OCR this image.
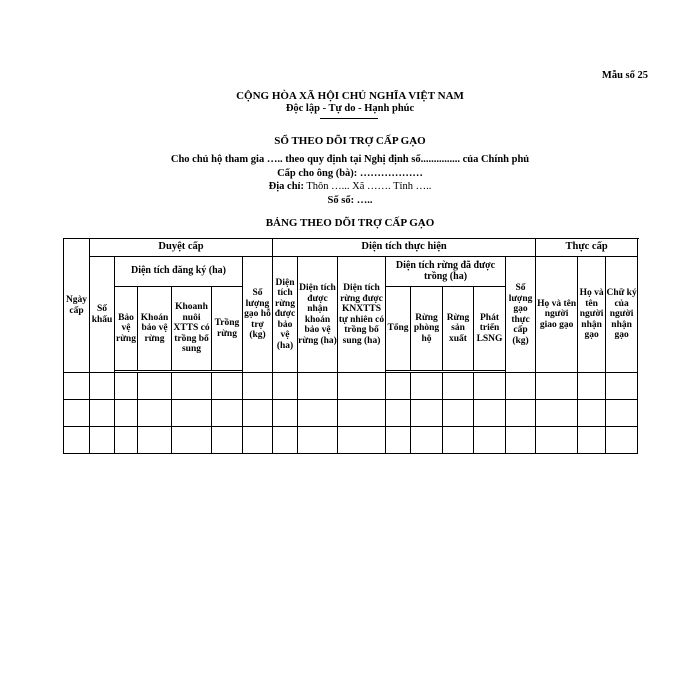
Mẫu số 25
CỘNG HÒA XÃ HỘI CHỦ NGHĨA VIỆT NAM
Độc lập - Tự do - Hạnh phúc
SỔ THEO DÕI TRỢ CẤP GẠO
Cho chủ hộ tham gia ….. theo quy định tại Nghị định số............... của Chính phủ
Cấp cho ông (bà): ………………
Địa chỉ: Thôn …... Xã ……. Tỉnh …..
Số sổ: …..
BẢNG THEO DÕI TRỢ CẤP GẠO
Ngày cấp	Duyệt cấp						Diện tích thực hiện								Thực cấp		
	Số khẩu	Diện tích đăng ký (ha)				Số lượng gạo hỗ trợ (kg)	Diện tích rừng được bảo vệ (ha)	Diện tích được nhận khoán bảo vệ rừng (ha)	Diện tích rừng được KNXTTS tự nhiên có trồng bổ sung (ha)	Diện tích rừng đã được trồng (ha)				Số lượng gạo thực cấp (kg)	Họ và tên người giao gạo	Họ và tên người nhận gạo	Chữ ký của người nhận gạo
		Bảo vệ rừng	Khoán bảo vệ rừng	Khoanh nuôi XTTS có trồng bổ sung	Trồng rừng					Tổng	Rừng phòng hộ	Rừng sản xuất	Phát triển LSNG				
